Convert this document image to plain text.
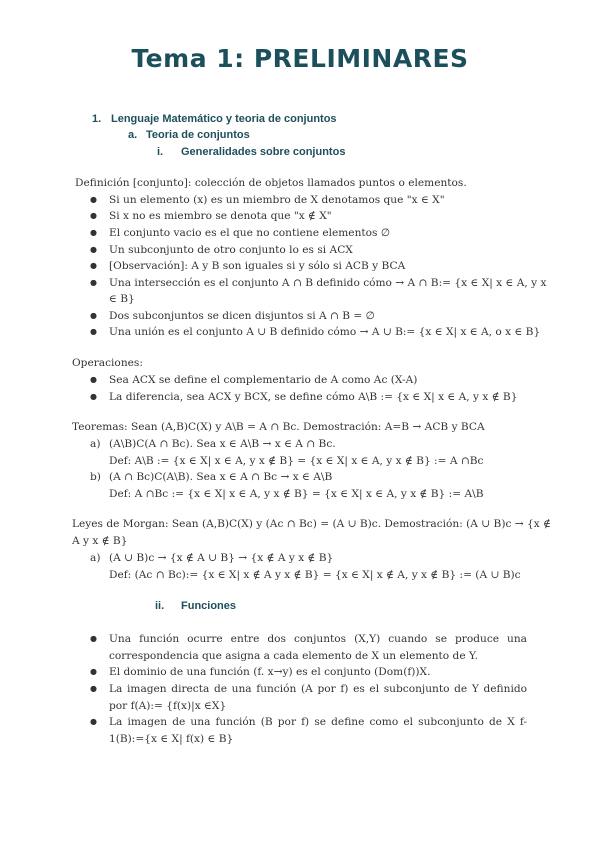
Tema 1: PRELIMINARES
1. Lenguaje Matemático y teoria de conjuntos
a. Teoria de conjuntos
i. Generalidades sobre conjuntos
Definición [conjunto]: colección de objetos llamados puntos o elementos.
● Si un elemento (x) es un miembro de X denotamos que "x ∈ X"
● Si x no es miembro se denota que "x ∉ X"
● El conjunto vacio es el que no contiene elementos ∅
● Un subconjunto de otro conjunto lo es si ACX
● [Observación]: A y B son iguales si y sólo si ACB y BCA
● Una intersección es el conjunto A ∩ B definido cómo → A ∩ B:= {x ∈ X| x ∈ A, y x
∈ B}
● Dos subconjuntos se dicen disjuntos si A ∩ B = ∅
● Una unión es el conjunto A ∪ B definido cómo → A ∪ B:= {x ∈ X| x ∈ A, o x ∈ B}
Operaciones:
● Sea ACX se define el complementario de A como Ac (X-A)
● La diferencia, sea ACX y BCX, se define cómo A\B := {x ∈ X| x ∈ A, y x ∉ B}
Teoremas: Sean (A,B)C(X) y A\B = A ∩ Bc. Demostración: A=B → ACB y BCA
a) (A\B)C(A ∩ Bc). Sea x ∈ A\B → x ∈ A ∩ Bc.
Def: A\B := {x ∈ X| x ∈ A, y x ∉ B} = {x ∈ X| x ∈ A, y x ∉ B} := A ∩Bc
b) (A ∩ Bc)C(A\B). Sea x ∈ A ∩ Bc → x ∈ A\B
Def: A ∩Bc := {x ∈ X| x ∈ A, y x ∉ B} = {x ∈ X| x ∈ A, y x ∉ B} := A\B
Leyes de Morgan: Sean (A,B)C(X) y (Ac ∩ Bc) = (A ∪ B)c. Demostración: (A ∪ B)c → {x ∉
A y x ∉ B}
a) (A ∪ B)c → {x ∉ A ∪ B} → {x ∉ A y x ∉ B}
Def: (Ac ∩ Bc):= {x ∈ X| x ∉ A y x ∉ B} = {x ∈ X| x ∉ A, y x ∉ B} := (A ∪ B)c
ii. Funciones
● Una función ocurre entre dos conjuntos (X,Y) cuando se produce una correspondencia que asigna a cada elemento de X un elemento de Y.
● El dominio de una función (f. x→y) es el conjunto (Dom(f))X.
● La imagen directa de una función (A por f) es el subconjunto de Y definido por f(A):= {f(x)|x ∈X}
● La imagen de una función (B por f) se define como el subconjunto de X f-1(B):={x ∈ X| f(x) ∈ B}
